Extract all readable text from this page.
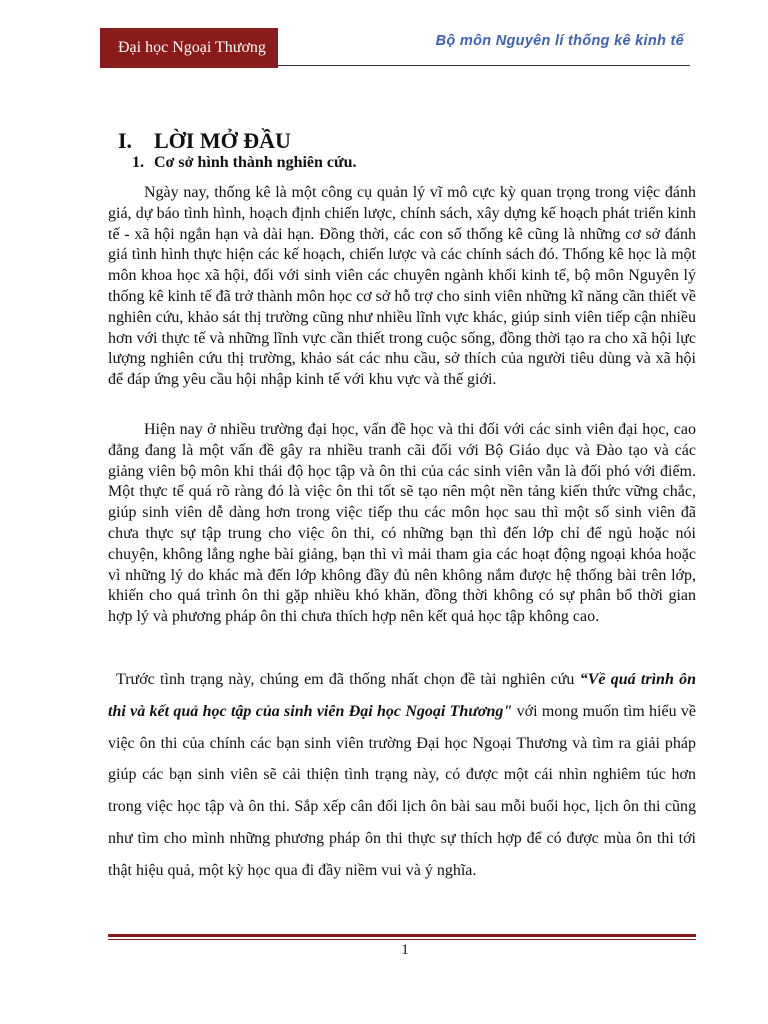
Đại học Ngoại Thương	Bộ môn Nguyên lí thống kê kinh tế
I. LỜI MỞ ĐẦU
1. Cơ sở hình thành nghiên cứu.

Ngày nay, thống kê là một công cụ quản lý vĩ mô cực kỳ quan trọng trong việc đánh giá, dự báo tình hình, hoạch định chiến lược, chính sách, xây dựng kế hoạch phát triển kinh tế - xã hội ngắn hạn và dài hạn. Đồng thời, các con số thống kê cũng là những cơ sở đánh giá tình hình thực hiện các kế hoạch, chiến lược và các chính sách đó. Thống kê học là một môn khoa học xã hội, đối với sinh viên các chuyên ngành khối kinh tế, bộ môn Nguyên lý thống kê kinh tế đã trở thành môn học cơ sở hỗ trợ cho sinh viên những kĩ năng cần thiết về nghiên cứu, khảo sát thị trường cũng như nhiều lĩnh vực khác, giúp sinh viên tiếp cận nhiều hơn với thực tế và những lĩnh vực cần thiết trong cuộc sống, đồng thời tạo ra cho xã hội lực lượng nghiên cứu thị trường, khảo sát các nhu cầu, sở thích của người tiêu dùng và xã hội để đáp ứng yêu cầu hội nhập kinh tế với khu vực và thế giới.

Hiện nay ở nhiều trường đại học, vấn đề học và thi đối với các sinh viên đại học, cao đẳng đang là một vấn đề gây ra nhiều tranh cãi đối với Bộ Giáo dục và Đào tạo và các giảng viên bộ môn khi thái độ học tập và ôn thi của các sinh viên vẫn là đối phó với điểm. Một thực tế quá rõ ràng đó là việc ôn thi tốt sẽ tạo nên một nền tảng kiến thức vững chắc, giúp sinh viên dễ dàng hơn trong việc tiếp thu các môn học sau thì một số sinh viên đã chưa thực sự tập trung cho việc ôn thi, có những bạn thì đến lớp chỉ để ngủ hoặc nói chuyện, không lắng nghe bài giảng, bạn thì vì mải tham gia các hoạt động ngoại khóa hoặc vì những lý do khác mà đến lớp không đầy đủ nên không nắm được hệ thống bài trên lớp, khiến cho quá trình ôn thi gặp nhiều khó khăn, đồng thời không có sự phân bổ thời gian hợp lý và phương pháp ôn thi chưa thích hợp nên kết quả học tập không cao.

Trước tình trạng này, chúng em đã thống nhất chọn đề tài nghiên cứu “Về quá trình ôn thi và kết quả học tập của sinh viên Đại học Ngoại Thương" với mong muốn tìm hiểu về việc ôn thi của chính các bạn sinh viên trường Đại học Ngoại Thương và tìm ra giải pháp giúp các bạn sinh viên sẽ cải thiện tình trạng này, có được một cái nhìn nghiêm túc hơn trong việc học tập và ôn thi. Sắp xếp cân đối lịch ôn bài sau mỗi buổi học, lịch ôn thi cũng như tìm cho mình những phương pháp ôn thi thực sự thích hợp để có được mùa ôn thi tới thật hiệu quả, một kỳ học qua đi đầy niềm vui và ý nghĩa.

1
